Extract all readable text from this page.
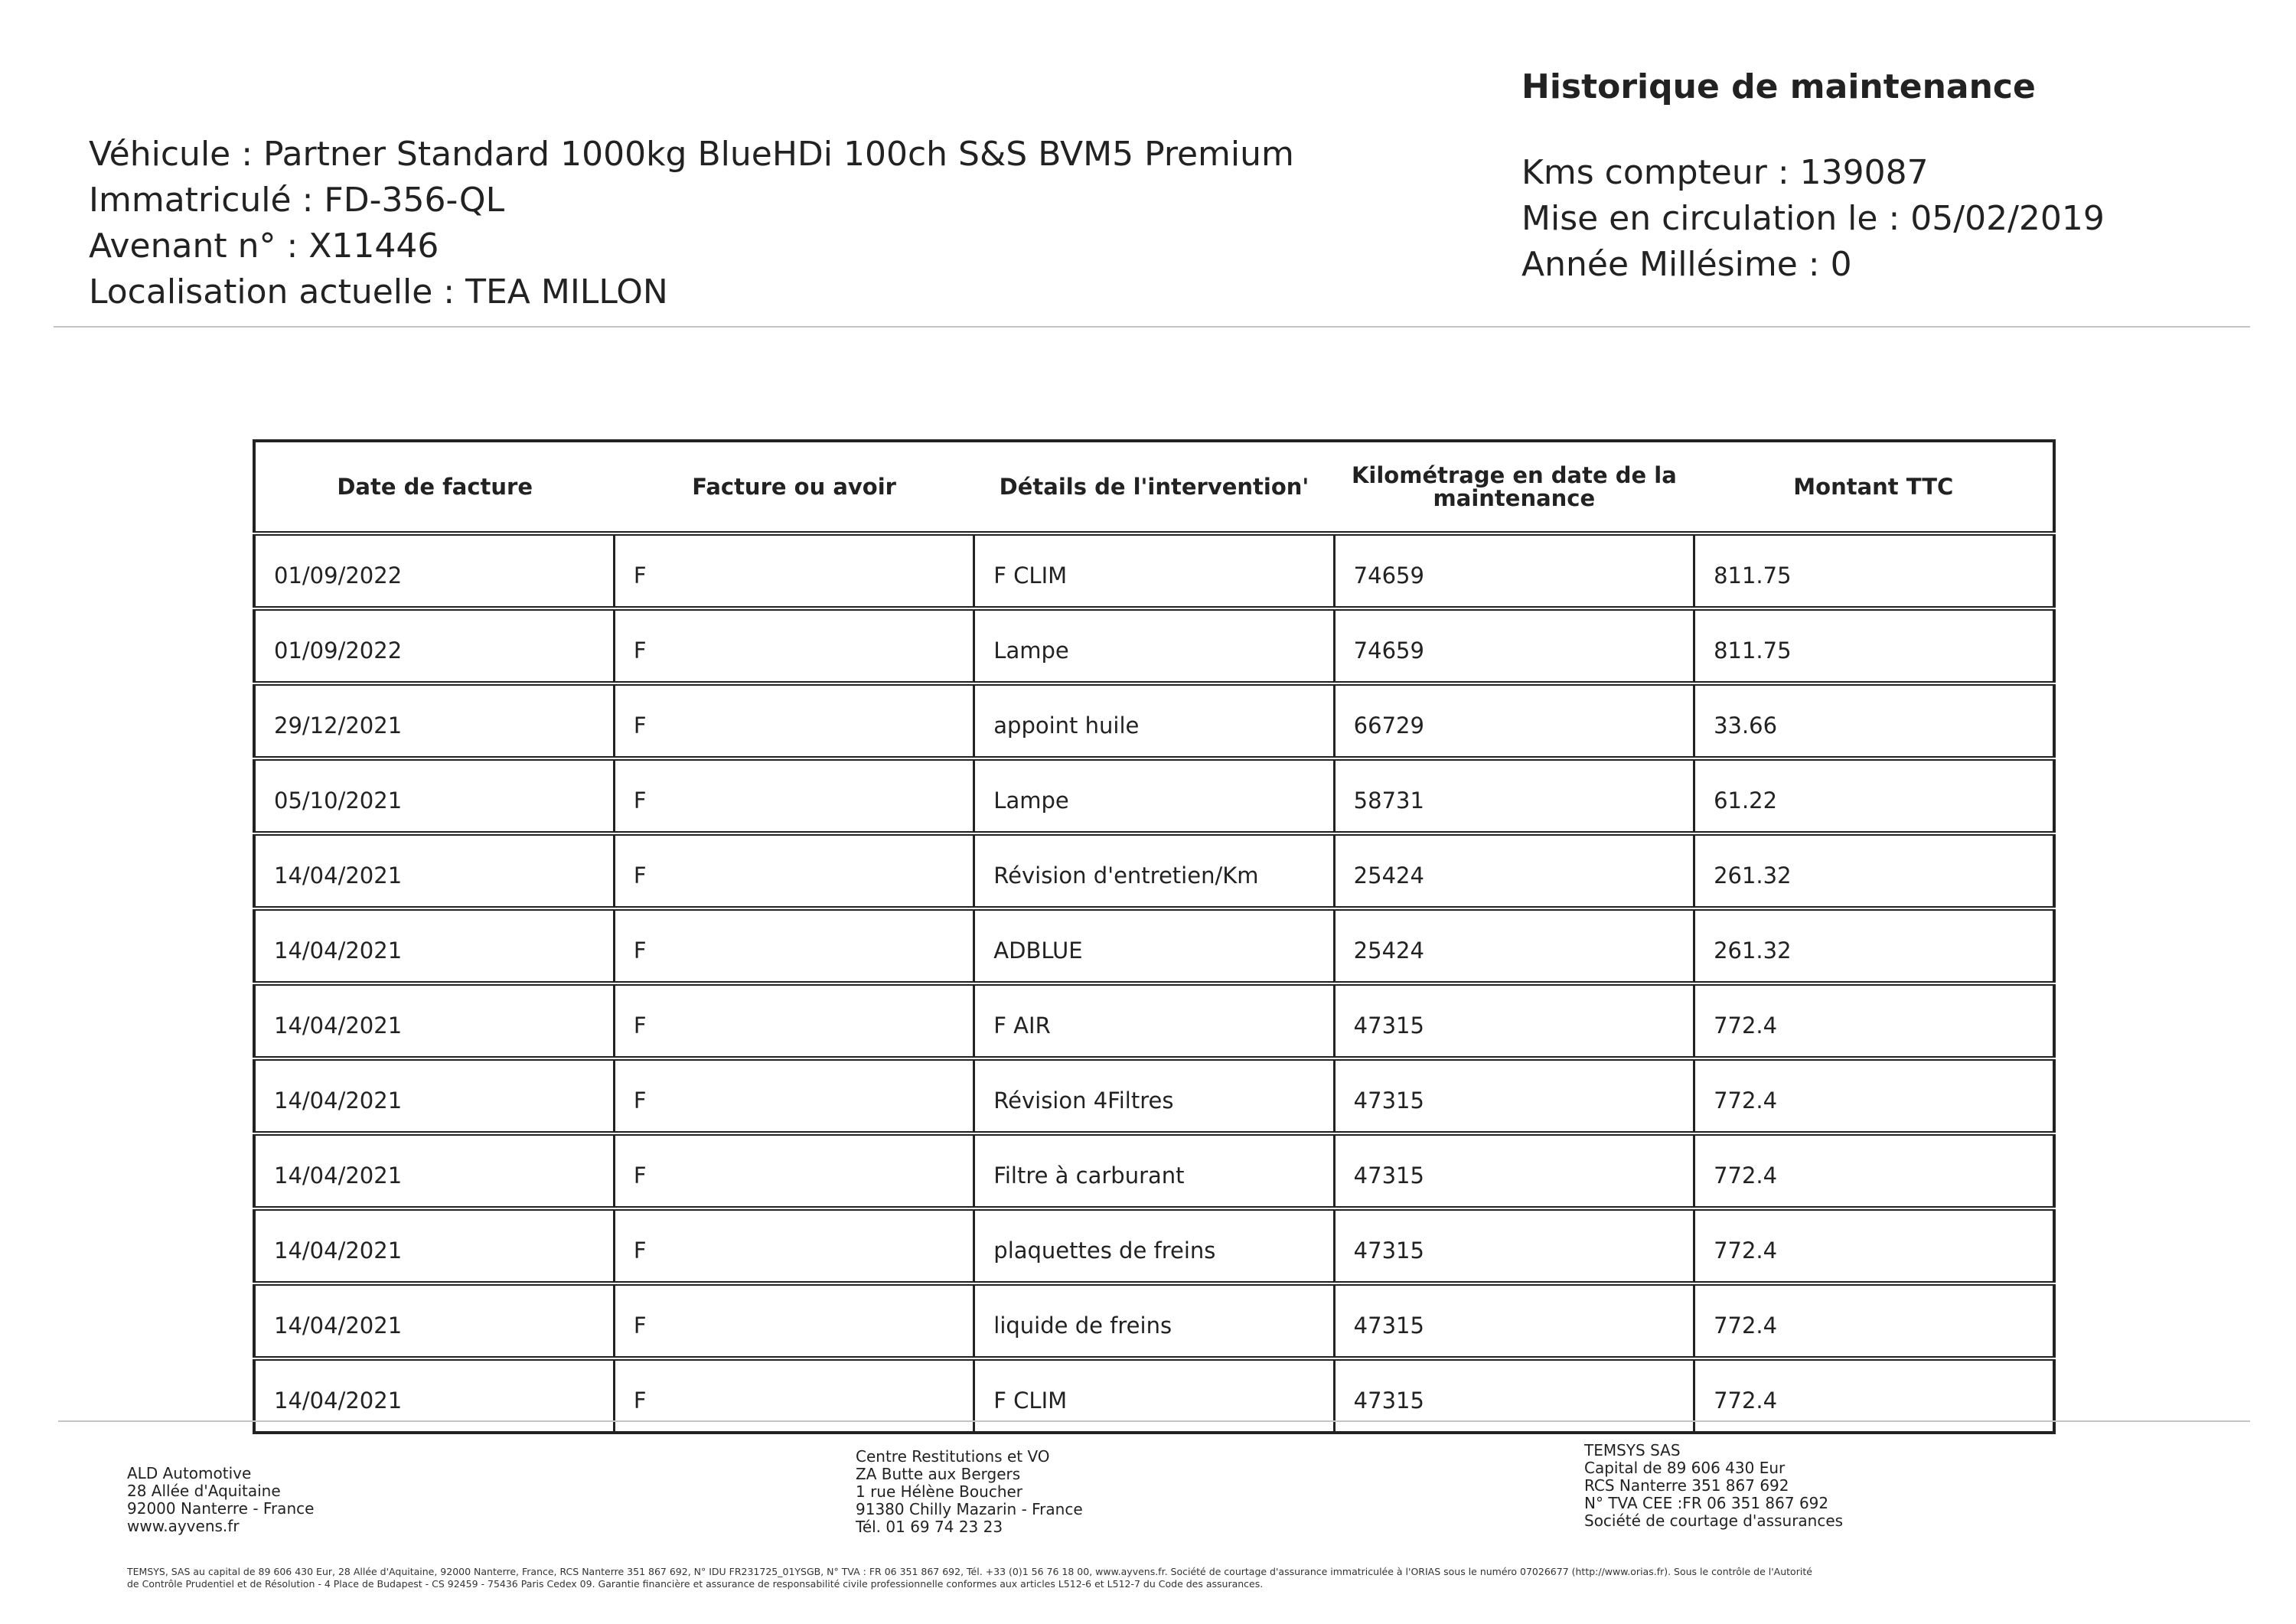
Véhicule : Partner Standard 1000kg BlueHDi 100ch S&S BVM5 Premium
Immatriculé : FD-356-QL
Avenant n° : X11446
Localisation actuelle : TEA MILLON
Historique de maintenance
Kms compteur : 139087
Mise en circulation le : 05/02/2019
Année Millésime : 0
Date de facture	Facture ou avoir	Détails de l'intervention'	Kilométrage en date de la maintenance	Montant TTC
01/09/2022	F	F CLIM	74659	811.75
01/09/2022	F	Lampe	74659	811.75
29/12/2021	F	appoint huile	66729	33.66
05/10/2021	F	Lampe	58731	61.22
14/04/2021	F	Révision d'entretien/Km	25424	261.32
14/04/2021	F	ADBLUE	25424	261.32
14/04/2021	F	F AIR	47315	772.4
14/04/2021	F	Révision 4Filtres	47315	772.4
14/04/2021	F	Filtre à carburant	47315	772.4
14/04/2021	F	plaquettes de freins	47315	772.4
14/04/2021	F	liquide de freins	47315	772.4
14/04/2021	F	F CLIM	47315	772.4
ALD Automotive
28 Allée d'Aquitaine
92000 Nanterre - France
www.ayvens.fr
Centre Restitutions et VO
ZA Butte aux Bergers
1 rue Hélène Boucher
91380 Chilly Mazarin - France
Tél. 01 69 74 23 23
TEMSYS SAS
Capital de 89 606 430 Eur
RCS Nanterre 351 867 692
N° TVA CEE :FR 06 351 867 692
Société de courtage d'assurances
TEMSYS, SAS au capital de 89 606 430 Eur, 28 Allée d'Aquitaine, 92000 Nanterre, France, RCS Nanterre 351 867 692, N° IDU FR231725_01YSGB, N° TVA : FR 06 351 867 692, Tél. +33 (0)1 56 76 18 00, www.ayvens.fr. Société de courtage d'assurance immatriculée à l'ORIAS sous le numéro 07026677 (http://www.orias.fr). Sous le contrôle de l'Autorité
de Contrôle Prudentiel et de Résolution - 4 Place de Budapest - CS 92459 - 75436 Paris Cedex 09. Garantie financière et assurance de responsabilité civile professionnelle conformes aux articles L512-6 et L512-7 du Code des assurances.
